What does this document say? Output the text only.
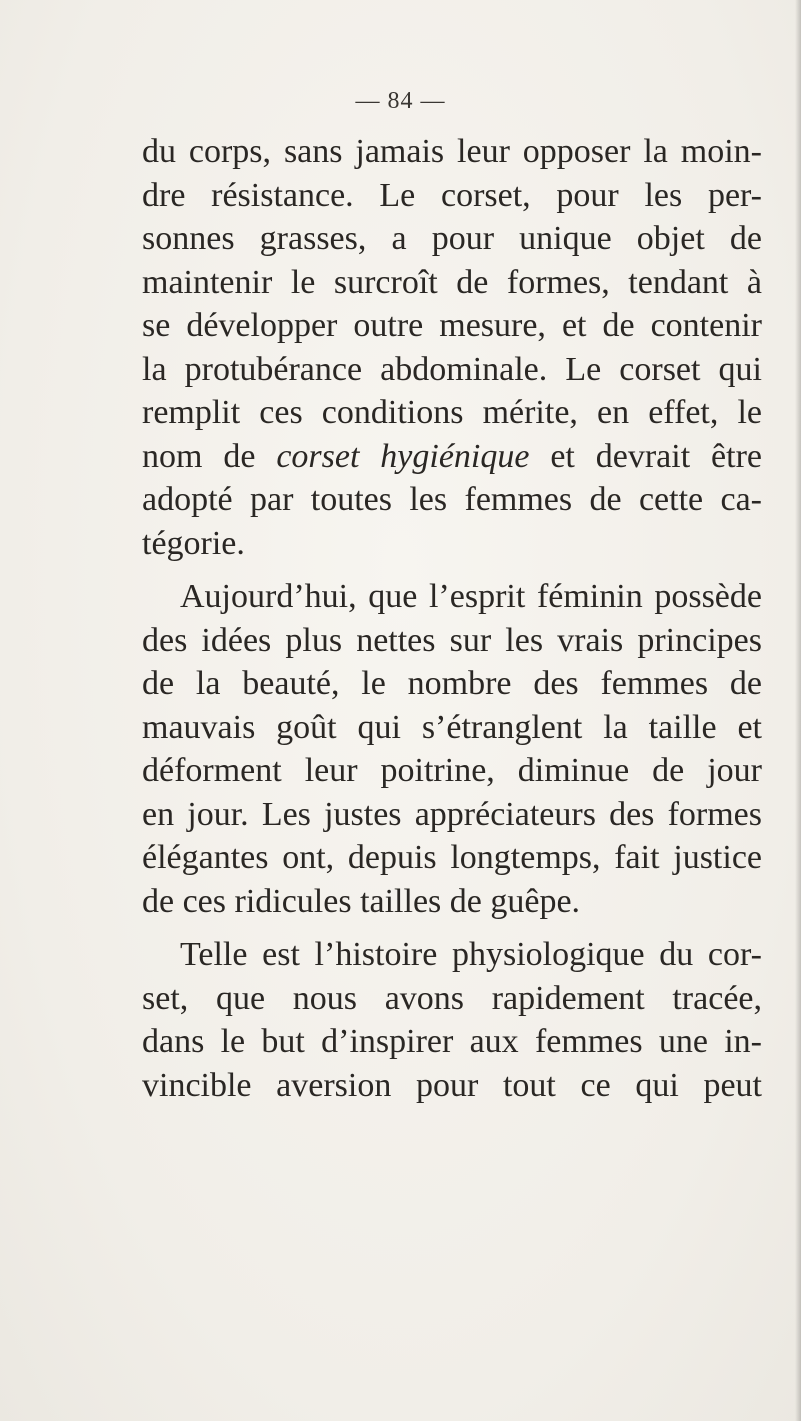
— 84 —
du corps, sans jamais leur opposer la moin-
dre résistance. Le corset, pour les per-
sonnes grasses, a pour unique objet de
maintenir le surcroît de formes, tendant à
se développer outre mesure, et de contenir
la protubérance abdominale. Le corset qui
remplit ces conditions mérite, en effet, le
nom de corset hygiénique et devrait être
adopté par toutes les femmes de cette ca-
tégorie.
Aujourd’hui, que l’esprit féminin possède
des idées plus nettes sur les vrais principes
de la beauté, le nombre des femmes de
mauvais goût qui s’étranglent la taille et
déforment leur poitrine, diminue de jour
en jour. Les justes appréciateurs des formes
élégantes ont, depuis longtemps, fait justice
de ces ridicules tailles de guêpe.
Telle est l’histoire physiologique du cor-
set, que nous avons rapidement tracée,
dans le but d’inspirer aux femmes une in-
vincible aversion pour tout ce qui peut
